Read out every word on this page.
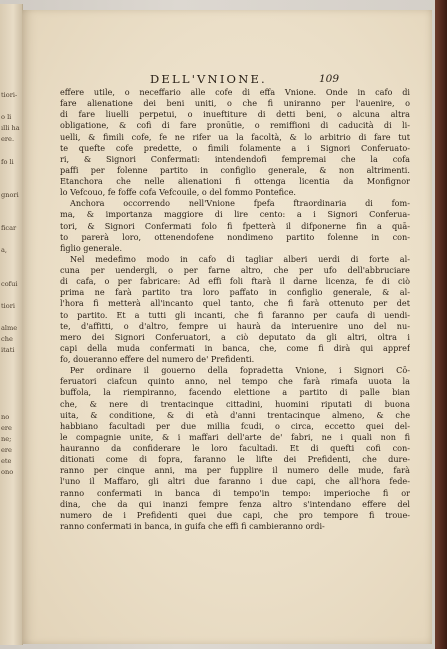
tiori-
o li
ılli ha
ere.
fo li
gnori
ficar
a,
cofui
tiori
alme
che
itati
no
ere
ne;
ere
ete
ono
DELL'VNIONE.	109

effere utile, o neceffario alle cofe di effa Vnione. Onde in cafo di

fare alienatione dei beni uniti, o che fi uniranno per l'auenire, o

di fare liuelli perpetui, o inueftiture di detti beni, o alcuna altra

obligatione, & cofi di fare pronūtie, o remiffioni di caducità di li-

uelli, & fimili cofe, fe ne rifer ua la facoltà, & lo arbitrio di fare tut

te quefte cofe predette, o fimili folamente a i Signori Conferuato-

ri, & Signori Confermati: intendendofi fempremai che la cofa

paffi per folenne partito in configlio generale, & non altrimenti.

Etanchora che nelle alienationi fi ottenga licentia da Monfignor

lo Vefcouo, fe foffe cofa Vefcouile, o del fommo Pontefice.

Anchora occorrendo nell'Vnione fpefa ftraordinaria di fom-

ma, & importanza maggiore di lire cento: a i Signori Conferua-

tori, & Signori Confermati folo fi fpetterà il difponerne fin a quā-

to parerà loro, ottenendofene nondimeno partito folenne in con-

figlio generale.

Nel medefimo modo in cafo di tagliar alberi uerdi di forte al-

cuna per uendergli, o per farne altro, che per ufo dell'abbruciare

di cafa, o per fabricare: Ad effi foli ftarà il darne licenza, fe di ciò

prima ne farà partito tra loro paffato in configlio generale, & al-

l'hora fi metterà all'incanto quel tanto, che fi farà ottenuto per det

to partito. Et a tutti gli incanti, che fi faranno per caufa di uendi-

te, d'affitti, o d'altro, fempre ui haurà da interuenire uno del nu-

mero dei Signori Conferuatori, a ciò deputato da gli altri, oltra i

capi della muda confermati in banca, che, come fi dirà qui appref

fo, doueranno effere del numero de' Prefidenti.

Per ordinare il gouerno della fopradetta Vnione, i Signori Cō-

feruatori ciafcun quinto anno, nel tempo che farà rimafa uuota la

buffola, la riempiranno, facendo elettione a partito di palle bian

che, & nere di trentacinque cittadini, huomini riputati di buona

uita, & conditione, & di età d'anni trentacinque almeno, & che

habbiano facultadi per due millia fcudi, o circa, eccetto quei del-

le compagnie unite, & i maffari dell'arte de' fabri, ne i quali non fi

hauranno da confiderare le loro facultadi. Et di quefti cofi con-

ditionati come di fopra, faranno le lifte dei Prefidenti, che dure-

ranno per cinque anni, ma per fupplire il numero delle mude, farà

l'uno il Maffaro, gli altri due faranno i due capi, che all'hora fede-

ranno confermati in banca di tempo'in tempo: imperioche fi or

dina, che da qui inanzi fempre fenza altro s'intendano effere del

numero de i Prefidenti quei due capi, che pro tempore fi troue-

ranno confermati in banca, in guifa che effi fi cambieranno ordi-
